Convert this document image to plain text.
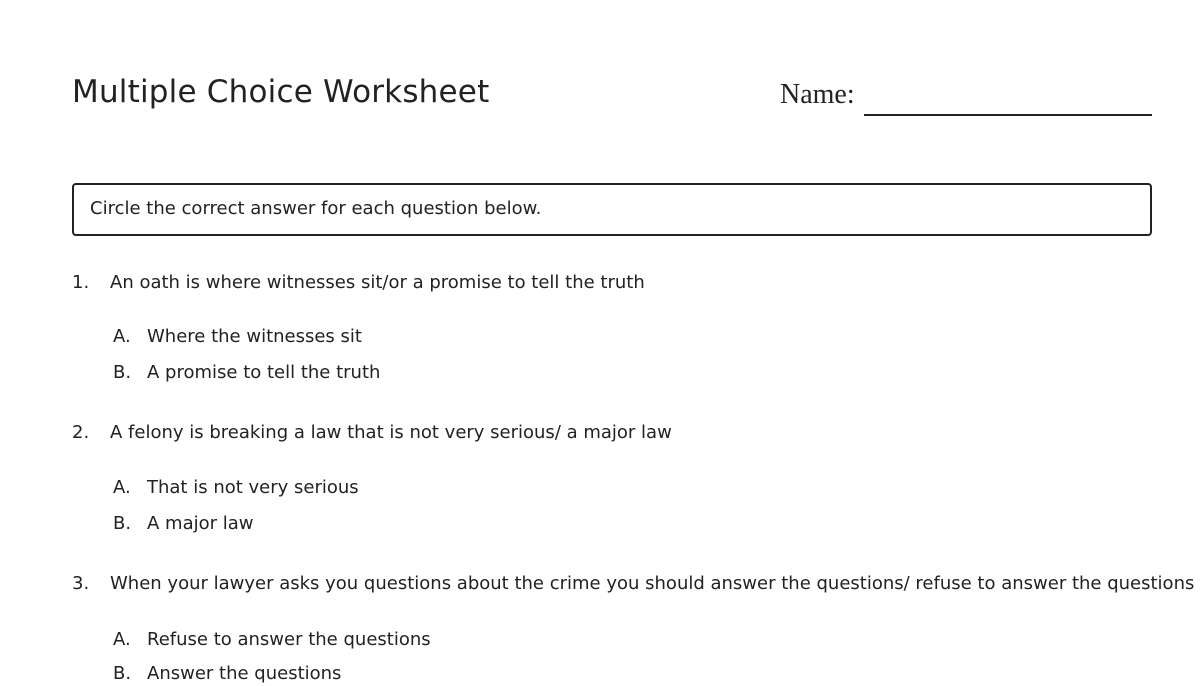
Multiple Choice Worksheet	Name:
Circle the correct answer for each question below.
1. An oath is where witnesses sit/or a promise to tell the truth
A. Where the witnesses sit
B. A promise to tell the truth
2. A felony is breaking a law that is not very serious/ a major law
A. That is not very serious
B. A major law
3. When your lawyer asks you questions about the crime you should answer the questions/ refuse to answer the questions
A. Refuse to answer the questions
B. Answer the questions
